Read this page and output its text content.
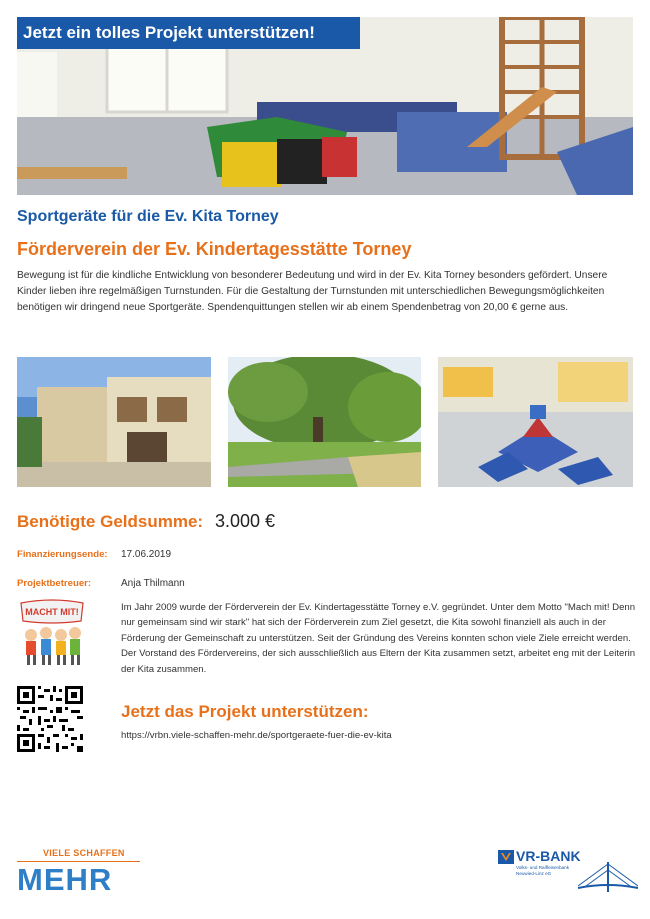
Jetzt ein tolles Projekt unterstützen!
Sportgeräte für die Ev. Kita Torney
Förderverein der Ev. Kindertagesstätte Torney

Bewegung ist für die kindliche Entwicklung von besonderer Bedeutung und wird in der Ev. Kita Torney besonders gefördert. Unsere Kinder lieben ihre regelmäßigen Turnstunden. Für die Gestaltung der Turnstunden mit unterschiedlichen Bewegungsmöglichkeiten benötigen wir dringend neue Sportgeräte. Spendenquittungen stellen wir ab einem Spendenbetrag von 20,00 € gerne aus.

Benötigte Geldsumme: 3.000 €
Finanzierungsende: 17.06.2019
Projektbetreuer:	Anja Thilmann
MACHT MIT!	Im Jahr 2009 wurde der Förderverein der Ev. Kindertagesstätte Torney e.V. gegründet. Unter dem Motto "Mach mit! Denn nur gemeinsam sind wir stark" hat sich der Förderverein zum Ziel gesetzt, die Kita sowohl finanziell als auch in der Förderung der Gemeinschaft zu unterstützen. Seit der Gründung des Vereins konnten schon viele Ziele erreicht werden. Der Vorstand des Fördervereins, der sich ausschließlich aus Eltern der Kita zusammen setzt, arbeitet eng mit der Leiterin der Kita zusammen.

Jetzt das Projekt unterstützen:
https://vrbn.viele-schaffen-mehr.de/sportgeraete-fuer-die-ev-kita
VIELE SCHAFFEN
MEHR
VR-BANK
Volks- und Raiffeisenbank Neuwied-Linz eG
